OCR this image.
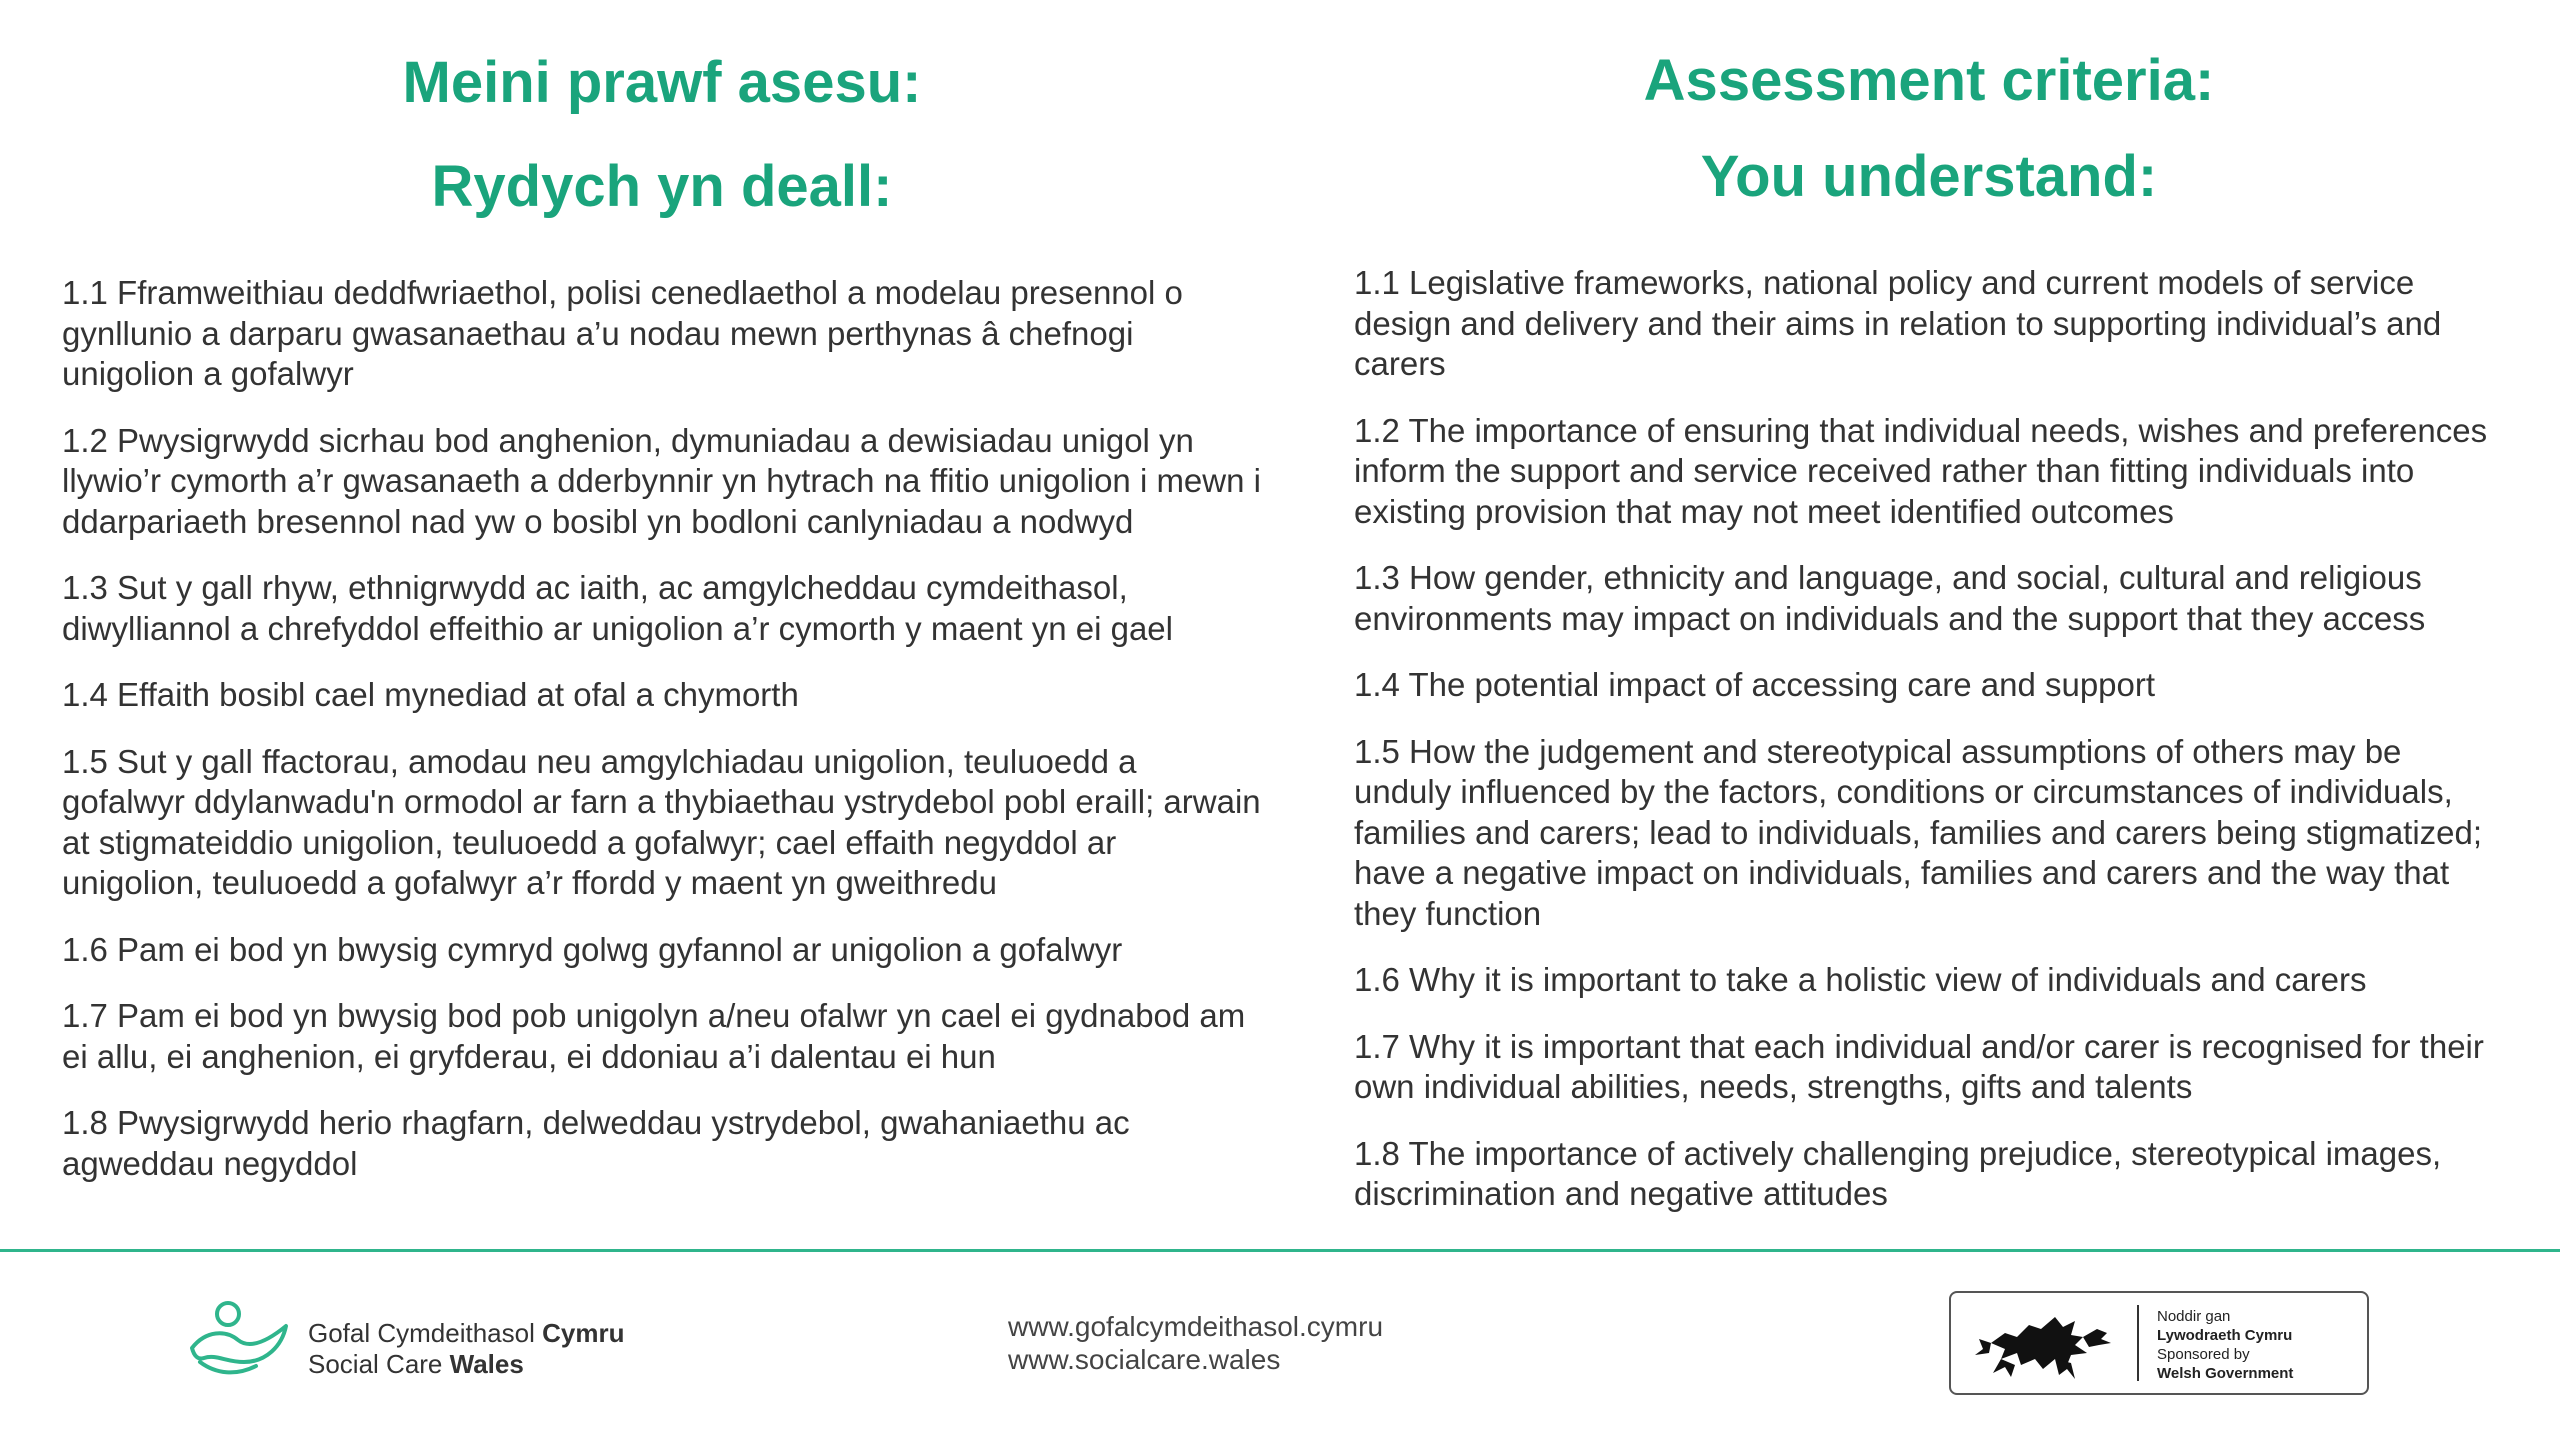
Meini prawf asesu:
Rydych yn deall:
1.1 Fframweithiau deddfwriaethol, polisi cenedlaethol a modelau presennol o gynllunio a darparu gwasanaethau a’u nodau mewn perthynas â chefnogi unigolion a gofalwyr
1.2 Pwysigrwydd sicrhau bod anghenion, dymuniadau a dewisiadau unigol yn llywio’r cymorth a’r gwasanaeth a dderbynnir yn hytrach na ffitio unigolion i mewn i ddarpariaeth bresennol nad yw o bosibl yn bodloni canlyniadau a nodwyd
1.3 Sut y gall rhyw, ethnigrwydd ac iaith, ac amgylcheddau cymdeithasol, diwylliannol a chrefyddol effeithio ar unigolion a’r cymorth y maent yn ei gael
1.4 Effaith bosibl cael mynediad at ofal a chymorth
1.5 Sut y gall ffactorau, amodau neu amgylchiadau unigolion, teuluoedd a gofalwyr ddylanwadu'n ormodol ar farn a thybiaethau ystrydebol pobl eraill; arwain at stigmateiddio unigolion, teuluoedd a gofalwyr; cael effaith negyddol ar unigolion, teuluoedd a gofalwyr a’r ffordd y maent yn gweithredu
1.6 Pam ei bod yn bwysig cymryd golwg gyfannol ar unigolion a gofalwyr
1.7 Pam ei bod yn bwysig bod pob unigolyn a/neu ofalwr yn cael ei gydnabod am ei allu, ei anghenion, ei gryfderau, ei ddoniau a’i dalentau ei hun
1.8 Pwysigrwydd herio rhagfarn, delweddau ystrydebol, gwahaniaethu ac agweddau negyddol
Assessment criteria:
You understand:
1.1 Legislative frameworks, national policy and current models of service design and delivery and their aims in relation to supporting individual’s and carers
1.2 The importance of ensuring that individual needs, wishes and preferences inform the support and service received rather than fitting individuals into existing provision that may not meet identified outcomes
1.3 How gender, ethnicity and language, and social, cultural and religious environments may impact on individuals and the support that they access
1.4 The potential impact of accessing care and support
1.5 How the judgement and stereotypical assumptions of others may be unduly influenced by the factors, conditions or circumstances of individuals, families and carers; lead to individuals, families and carers being stigmatized; have a negative impact on individuals, families and carers and the way that they function
1.6 Why it is important to take a holistic view of individuals and carers
1.7 Why it is important that each individual and/or carer is recognised for their own individual abilities, needs, strengths, gifts and talents
1.8 The importance of actively challenging prejudice, stereotypical images, discrimination and negative attitudes
Gofal Cymdeithasol Cymru
Social Care Wales
www.gofalcymdeithasol.cymru
www.socialcare.wales
Noddir gan
Lywodraeth Cymru
Sponsored by
Welsh Government
